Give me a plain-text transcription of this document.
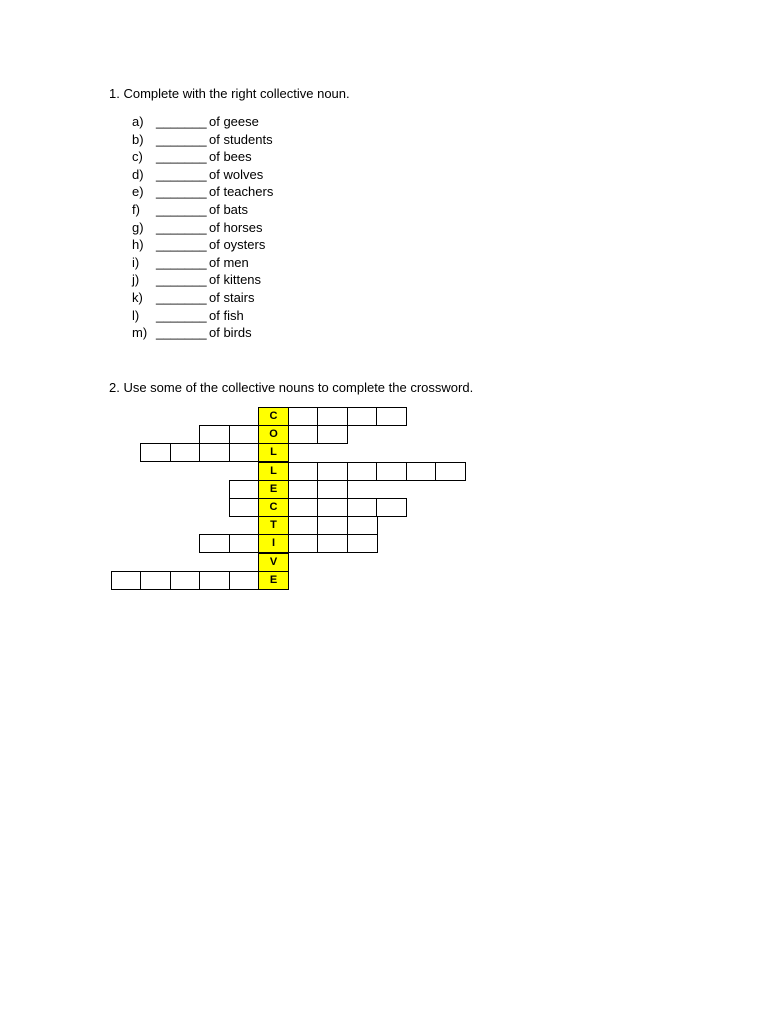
1. Complete with the right collective noun.
a) _______ of geese
b) _______ of students
c) _______ of bees
d) _______ of wolves
e) _______ of teachers
f) _______ of bats
g) _______ of horses
h) _______ of oysters
i) _______ of men
j) _______ of kittens
k) _______ of stairs
l) _______ of fish
m) _______ of birds
2. Use some of the collective nouns to complete the crossword.
C
O
L
L
E
C
T
I
V
E
